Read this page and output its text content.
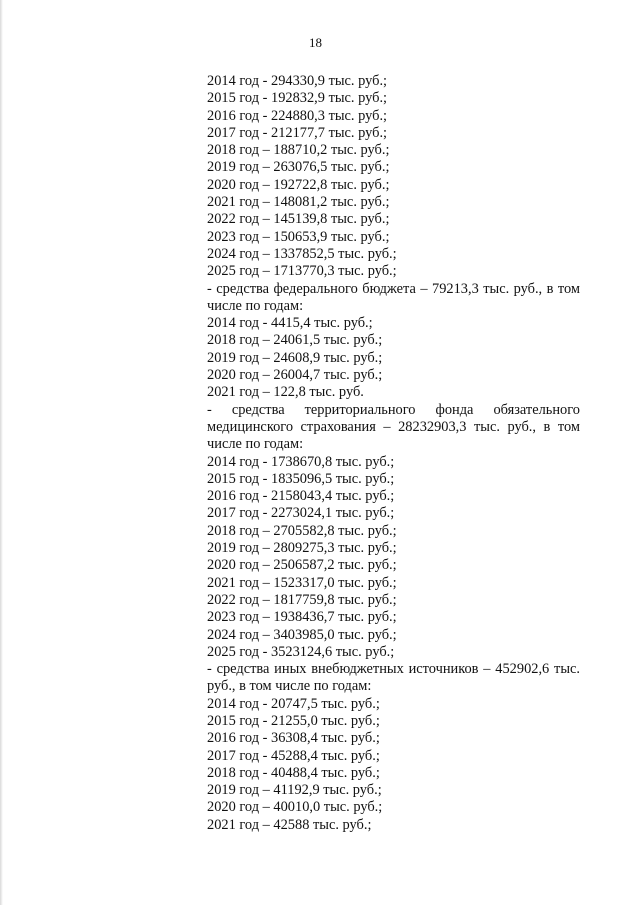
18
2014 год - 294330,9 тыс. руб.;
2015 год - 192832,9 тыс. руб.;
2016 год - 224880,3 тыс. руб.;
2017 год - 212177,7 тыс. руб.;
2018 год – 188710,2 тыс. руб.;
2019 год – 263076,5 тыс. руб.;
2020 год – 192722,8 тыс. руб.;
2021 год – 148081,2 тыс. руб.;
2022 год – 145139,8 тыс. руб.;
2023 год – 150653,9 тыс. руб.;
2024 год – 1337852,5 тыс. руб.;
2025 год – 1713770,3 тыс. руб.;
- средства федерального бюджета – 79213,3 тыс. руб., в том числе по годам:
2014 год - 4415,4 тыс. руб.;
2018 год – 24061,5 тыс. руб.;
2019 год – 24608,9 тыс. руб.;
2020 год – 26004,7 тыс. руб.;
2021 год – 122,8 тыс. руб.
- средства территориального фонда обязательного медицинского страхования – 28232903,3 тыс. руб., в том числе по годам:
2014 год - 1738670,8 тыс. руб.;
2015 год - 1835096,5 тыс. руб.;
2016 год - 2158043,4 тыс. руб.;
2017 год - 2273024,1 тыс. руб.;
2018 год – 2705582,8 тыс. руб.;
2019 год – 2809275,3 тыс. руб.;
2020 год – 2506587,2 тыс. руб.;
2021 год – 1523317,0 тыс. руб.;
2022 год – 1817759,8 тыс. руб.;
2023 год – 1938436,7 тыс. руб.;
2024 год – 3403985,0 тыс. руб.;
2025 год - 3523124,6 тыс. руб.;
- средства иных внебюджетных источников – 452902,6 тыс. руб., в том числе по годам:
2014 год - 20747,5 тыс. руб.;
2015 год - 21255,0 тыс. руб.;
2016 год - 36308,4 тыс. руб.;
2017 год - 45288,4 тыс. руб.;
2018 год - 40488,4 тыс. руб.;
2019 год – 41192,9 тыс. руб.;
2020 год – 40010,0 тыс. руб.;
2021 год – 42588 тыс. руб.;
